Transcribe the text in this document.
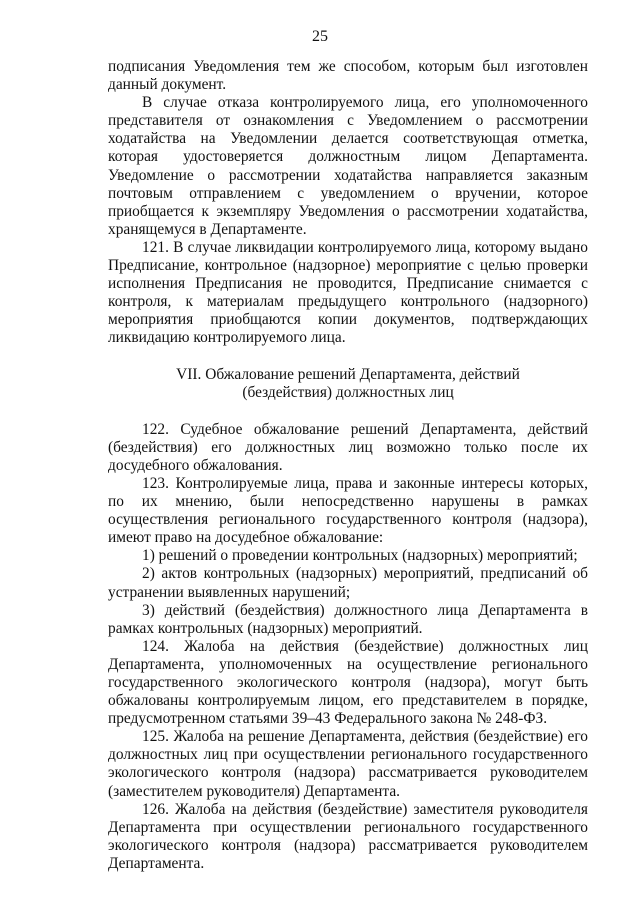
25

подписания Уведомления тем же способом, которым был изготовлен данный документ.

В случае отказа контролируемого лица, его уполномоченного представителя от ознакомления с Уведомлением о рассмотрении ходатайства на Уведомлении делается соответствующая отметка, которая удостоверяется должностным лицом Департамента. Уведомление о рассмотрении ходатайства направляется заказным почтовым отправлением с уведомлением о вручении, которое приобщается к экземпляру Уведомления о рассмотрении ходатайства, хранящемуся в Департаменте.

121. В случае ликвидации контролируемого лица, которому выдано Предписание, контрольное (надзорное) мероприятие с целью проверки исполнения Предписания не проводится, Предписание снимается с контроля, к материалам предыдущего контрольного (надзорного) мероприятия приобщаются копии документов, подтверждающих ликвидацию контролируемого лица.

VII. Обжалование решений Департамента, действий
(бездействия) должностных лиц

122. Судебное обжалование решений Департамента, действий (бездействия) его должностных лиц возможно только после их досудебного обжалования.

123. Контролируемые лица, права и законные интересы которых, по их мнению, были непосредственно нарушены в рамках осуществления регионального государственного контроля (надзора), имеют право на досудебное обжалование:

1) решений о проведении контрольных (надзорных) мероприятий;

2) актов контрольных (надзорных) мероприятий, предписаний об устранении выявленных нарушений;

3) действий (бездействия) должностного лица Департамента в рамках контрольных (надзорных) мероприятий.

124. Жалоба на действия (бездействие) должностных лиц Департамента, уполномоченных на осуществление регионального государственного экологического контроля (надзора), могут быть обжалованы контролируемым лицом, его представителем в порядке, предусмотренном статьями 39–43 Федерального закона № 248-ФЗ.

125. Жалоба на решение Департамента, действия (бездействие) его должностных лиц при осуществлении регионального государственного экологического контроля (надзора) рассматривается руководителем (заместителем руководителя) Департамента.

126. Жалоба на действия (бездействие) заместителя руководителя Департамента при осуществлении регионального государственного экологического контроля (надзора) рассматривается руководителем Департамента.
